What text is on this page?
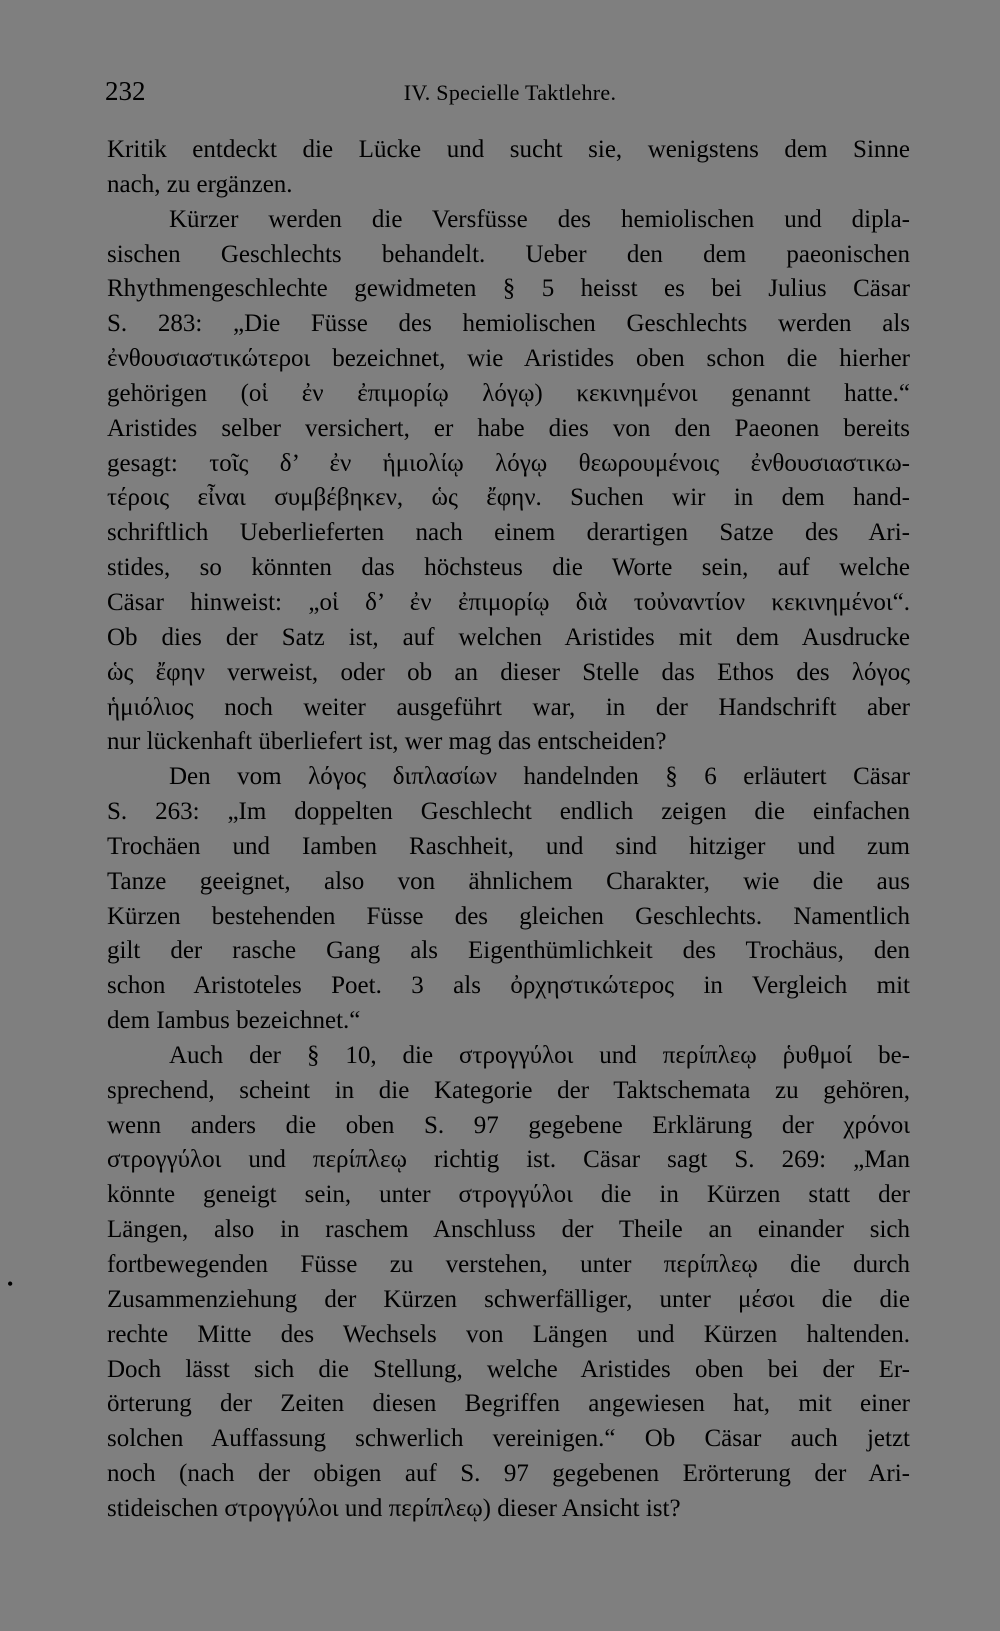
232	IV. Specielle Taktlehre.
•
Kritik entdeckt die Lücke und sucht sie, wenigstens dem Sinne
nach, zu ergänzen.
Kürzer werden die Versfüsse des hemiolischen und dipla-
sischen Geschlechts behandelt. Ueber den dem paeonischen
Rhythmengeschlechte gewidmeten § 5 heisst es bei Julius Cäsar
S. 283: „Die Füsse des hemiolischen Geschlechts werden als
ἐνθουσιαστικώτεροι bezeichnet, wie Aristides oben schon die hierher
gehörigen (οἱ ἐν ἐπιμορίῳ λόγῳ) κεκινημένοι genannt hatte.“
Aristides selber versichert, er habe dies von den Paeonen bereits
gesagt: τοῖς δ’ ἐν ἡμιολίῳ λόγῳ θεωρουμένοις ἐνθουσιαστικω-
τέροις εἶναι συμβέβηκεν, ὡς ἔφην. Suchen wir in dem hand-
schriftlich Ueberlieferten nach einem derartigen Satze des Ari-
stides, so könnten das höchsteus die Worte sein, auf welche
Cäsar hinweist: „οἱ δ’ ἐν ἐπιμορίῳ διὰ τοὐναντίον κεκινημένοι“.
Ob dies der Satz ist, auf welchen Aristides mit dem Ausdrucke
ὡς ἔφην verweist, oder ob an dieser Stelle das Ethos des λόγος
ἡμιόλιος noch weiter ausgeführt war, in der Handschrift aber
nur lückenhaft überliefert ist, wer mag das entscheiden?
Den vom λόγος διπλασίων handelnden § 6 erläutert Cäsar
S. 263: „Im doppelten Geschlecht endlich zeigen die einfachen
Trochäen und Iamben Raschheit, und sind hitziger und zum
Tanze geeignet, also von ähnlichem Charakter, wie die aus
Kürzen bestehenden Füsse des gleichen Geschlechts. Namentlich
gilt der rasche Gang als Eigenthümlichkeit des Trochäus, den
schon Aristoteles Poet. 3 als ὀρχηστικώτερος in Vergleich mit
dem Iambus bezeichnet.“
Auch der § 10, die στρογγύλοι und περίπλεῳ ῥυθμοί be-
sprechend, scheint in die Kategorie der Taktschemata zu gehören,
wenn anders die oben S. 97 gegebene Erklärung der χρόνοι
στρογγύλοι und περίπλεῳ richtig ist. Cäsar sagt S. 269: „Man
könnte geneigt sein, unter στρογγύλοι die in Kürzen statt der
Längen, also in raschem Anschluss der Theile an einander sich
fortbewegenden Füsse zu verstehen, unter περίπλεῳ die durch
Zusammenziehung der Kürzen schwerfälliger, unter μέσοι die die
rechte Mitte des Wechsels von Längen und Kürzen haltenden.
Doch lässt sich die Stellung, welche Aristides oben bei der Er-
örterung der Zeiten diesen Begriffen angewiesen hat, mit einer
solchen Auffassung schwerlich vereinigen.“ Ob Cäsar auch jetzt
noch (nach der obigen auf S. 97 gegebenen Erörterung der Ari-
stideischen στρογγύλοι und περίπλεῳ) dieser Ansicht ist?
